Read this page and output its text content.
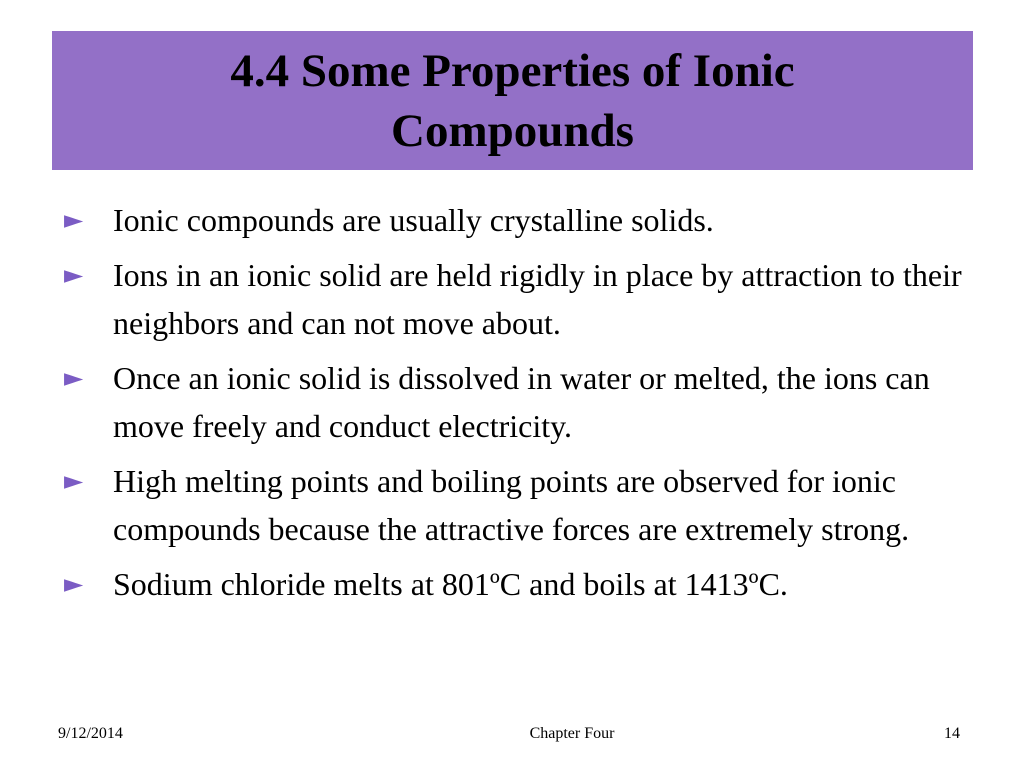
4.4 Some Properties of Ionic
Compounds
► Ionic compounds are usually crystalline solids.
► Ions in an ionic solid are held rigidly in place by attraction to their neighbors and can not move about.
► Once an ionic solid is dissolved in water or melted, the ions can move freely and conduct electricity.
► High melting points and boiling points are observed for ionic compounds because the attractive forces are extremely strong.
► Sodium chloride melts at 801ºC and boils at 1413ºC.
9/12/2014	Chapter Four	14
